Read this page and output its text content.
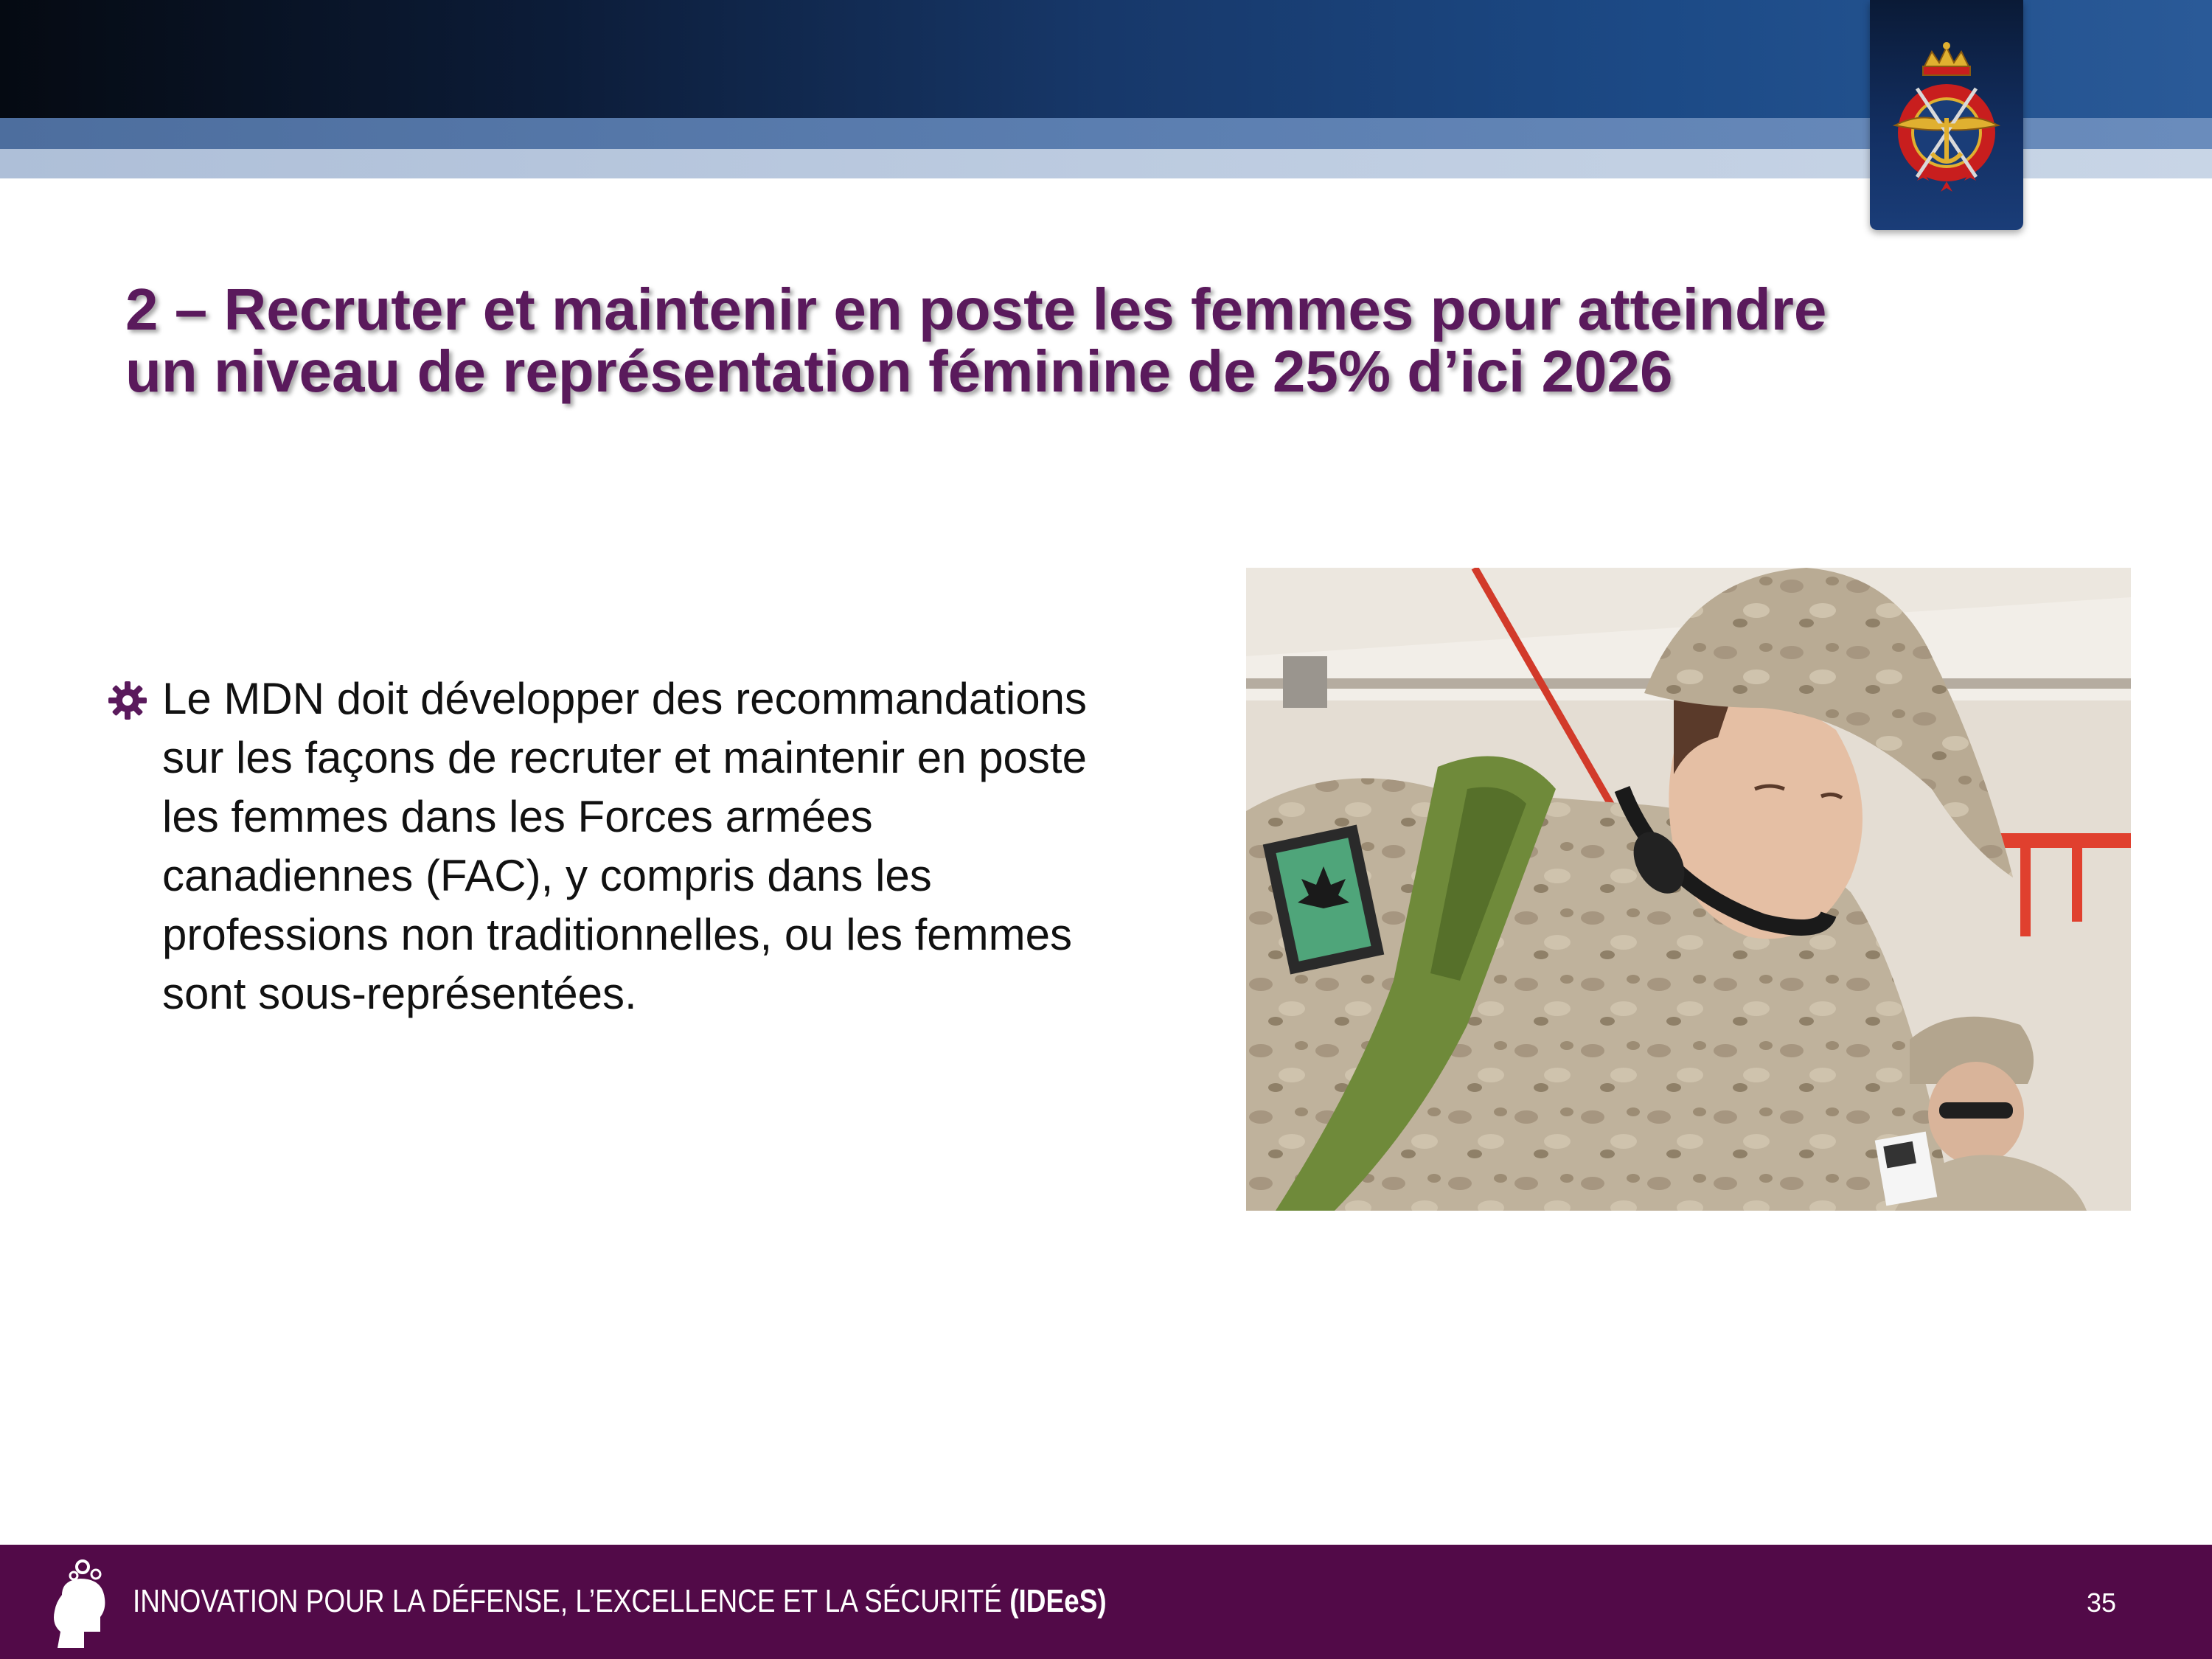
2 – Recruter et maintenir en poste les femmes pour atteindre
un niveau de représentation féminine de 25% d’ici 2026
Le MDN doit développer des recommandations
sur les façons de recruter et maintenir en poste
les femmes dans les Forces armées
canadiennes (FAC), y compris dans les
professions non traditionnelles, ou les femmes
sont sous-représentées.
INNOVATION POUR LA DÉFENSE, L’EXCELLENCE ET LA SÉCURITÉ (IDEeS)	35
